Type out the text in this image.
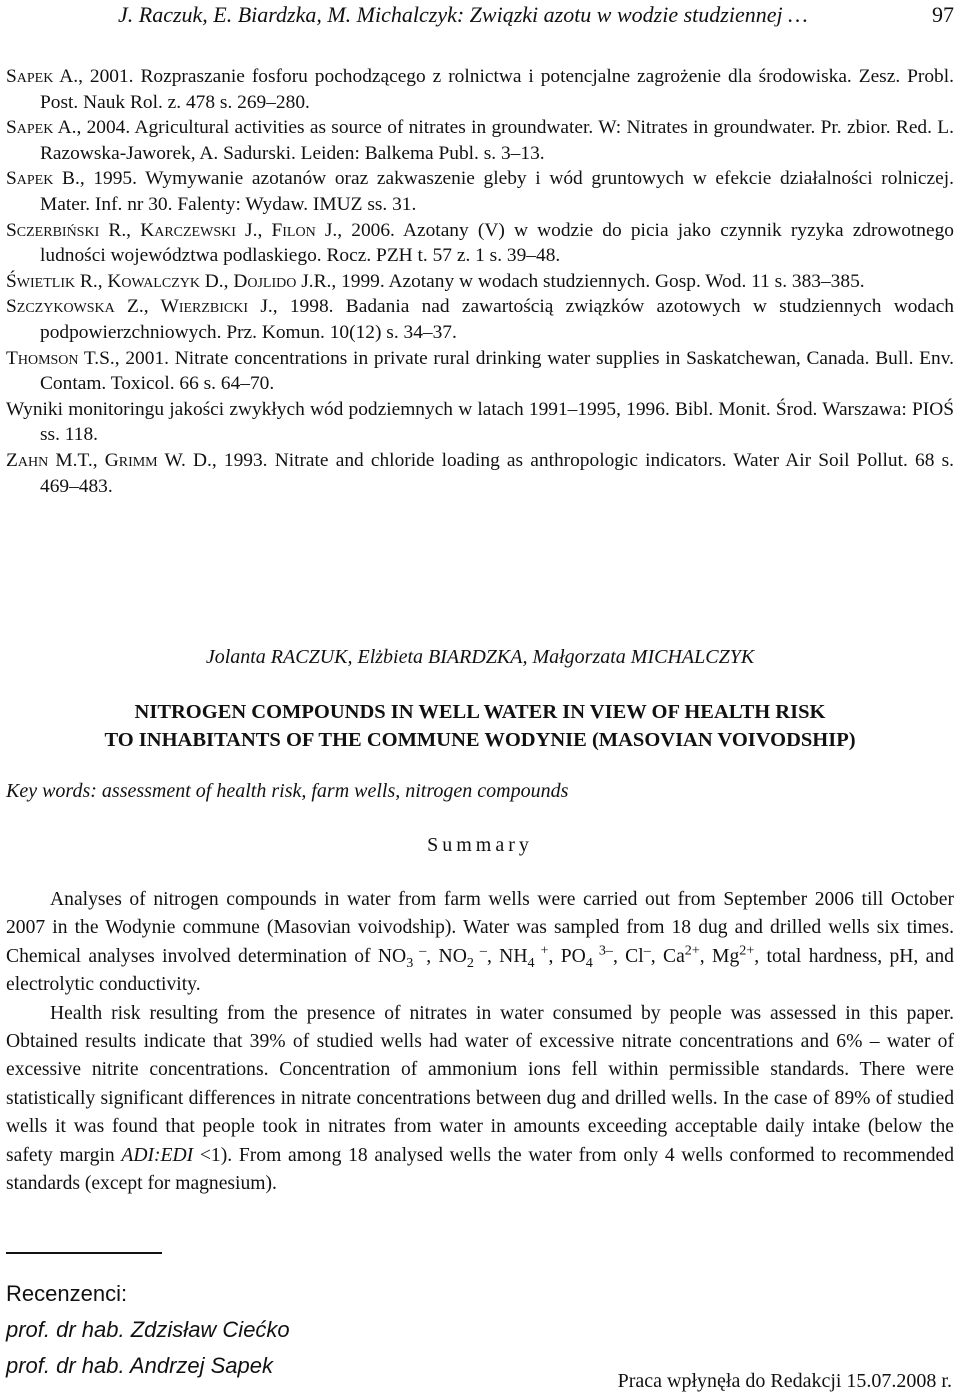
J. Raczuk, E. Biardzka, M. Michalczyk: Związki azotu w wodzie studziennej …	97
Sapek A., 2001. Rozpraszanie fosforu pochodzącego z rolnictwa i potencjalne zagrożenie dla środowiska. Zesz. Probl. Post. Nauk Rol. z. 478 s. 269–280.
Sapek A., 2004. Agricultural activities as source of nitrates in groundwater. W: Nitrates in groundwater. Pr. zbior. Red. L. Razowska-Jaworek, A. Sadurski. Leiden: Balkema Publ. s. 3–13.
Sapek B., 1995. Wymywanie azotanów oraz zakwaszenie gleby i wód gruntowych w efekcie działalności rolniczej. Mater. Inf. nr 30. Falenty: Wydaw. IMUZ ss. 31.
Sczerbiński R., Karczewski J., Filon J., 2006. Azotany (V) w wodzie do picia jako czynnik ryzyka zdrowotnego ludności województwa podlaskiego. Rocz. PZH t. 57 z. 1 s. 39–48.
Świetlik R., Kowalczyk D., Dojlido J.R., 1999. Azotany w wodach studziennych. Gosp. Wod. 11 s. 383–385.
Szczykowska Z., Wierzbicki J., 1998. Badania nad zawartością związków azotowych w studziennych wodach podpowierzchniowych. Prz. Komun. 10(12) s. 34–37.
Thomson T.S., 2001. Nitrate concentrations in private rural drinking water supplies in Saskatchewan, Canada. Bull. Env. Contam. Toxicol. 66 s. 64–70.
Wyniki monitoringu jakości zwykłych wód podziemnych w latach 1991–1995, 1996. Bibl. Monit. Środ. Warszawa: PIOŚ ss. 118.
Zahn M.T., Grimm W. D., 1993. Nitrate and chloride loading as anthropologic indicators. Water Air Soil Pollut. 68 s. 469–483.
Jolanta RACZUK, Elżbieta BIARDZKA, Małgorzata MICHALCZYK
NITROGEN COMPOUNDS IN WELL WATER IN VIEW OF HEALTH RISK
TO INHABITANTS OF THE COMMUNE WODYNIE (MASOVIAN VOIVODSHIP)
Key words: assessment of health risk, farm wells, nitrogen compounds
Summary

Analyses of nitrogen compounds in water from farm wells were carried out from September 2006 till October 2007 in the Wodynie commune (Masovian voivodship). Water was sampled from 18 dug and drilled wells six times. Chemical analyses involved determination of $NO_3$ –, $NO_2$ –, $NH_4$ +, $PO_4$ $^{3-}$, Cl–, $Ca^{2+}$, $Mg^{2+}$, total hardness, pH, and electrolytic conductivity.

Health risk resulting from the presence of nitrates in water consumed by people was assessed in this paper. Obtained results indicate that 39% of studied wells had water of excessive nitrate concentrations and 6% – water of excessive nitrite concentrations. Concentration of ammonium ions fell within permissible standards. There were statistically significant differences in nitrate concentrations between dug and drilled wells. In the case of 89% of studied wells it was found that people took in nitrates from water in amounts exceeding acceptable daily intake (below the safety margin ADI:EDI <1). From among 18 analysed wells the water from only 4 wells conformed to recommended standards (except for magnesium).

Recenzenci:
prof. dr hab. Zdzisław Ciećko
prof. dr hab. Andrzej Sapek
Praca wpłynęła do Redakcji 15.07.2008 r.
